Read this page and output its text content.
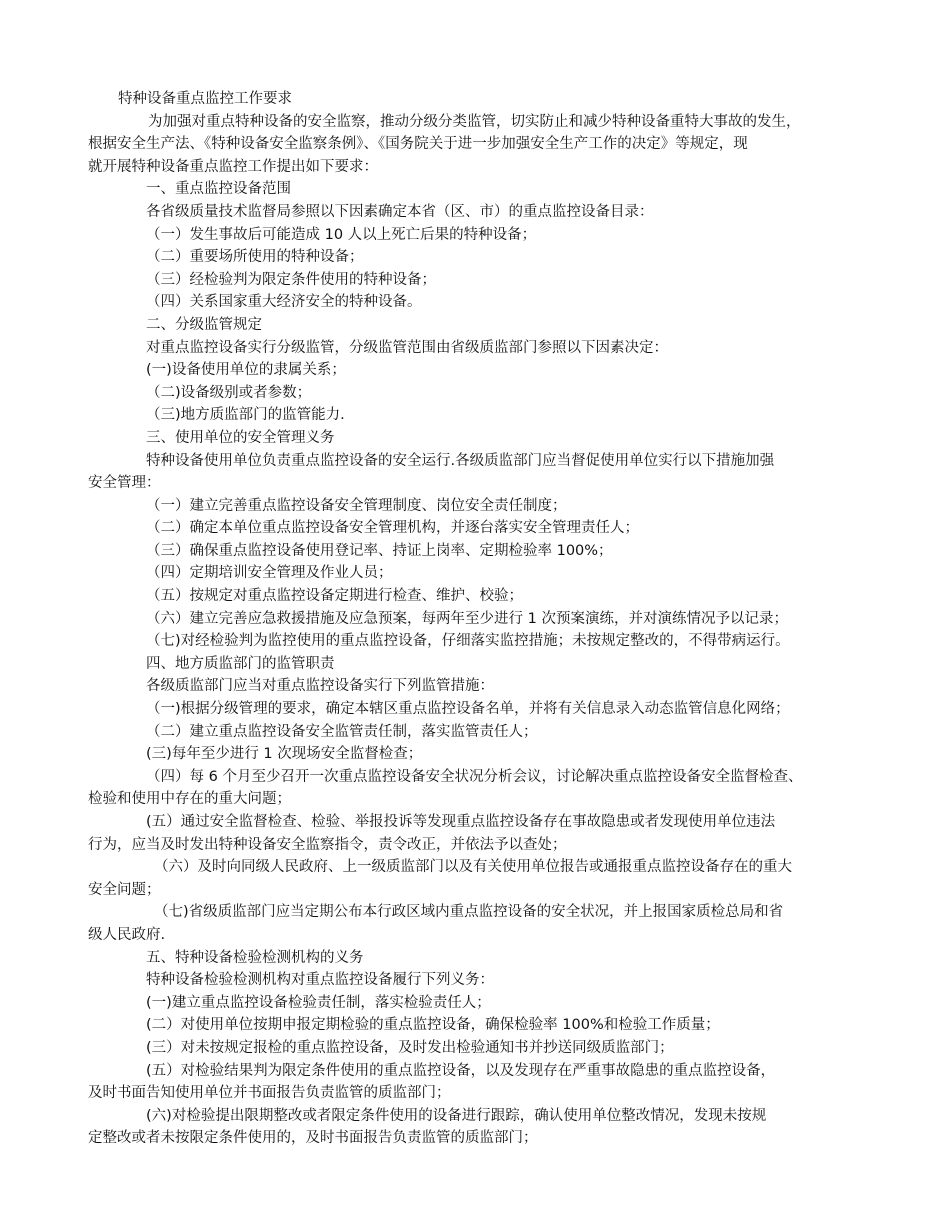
特种设备重点监控工作要求
为加强对重点特种设备的安全监察，推动分级分类监管，切实防止和减少特种设备重特大事故的发生，
根据安全生产法、《特种设备安全监察条例》、《国务院关于进一步加强安全生产工作的决定》等规定，现
就开展特种设备重点监控工作提出如下要求：
一、重点监控设备范围
各省级质量技术监督局参照以下因素确定本省（区、市）的重点监控设备目录：
（一）发生事故后可能造成 10 人以上死亡后果的特种设备；
（二）重要场所使用的特种设备；
（三）经检验判为限定条件使用的特种设备；
（四）关系国家重大经济安全的特种设备。
二、分级监管规定
对重点监控设备实行分级监管，分级监管范围由省级质监部门参照以下因素决定：
(一)设备使用单位的隶属关系；
（二)设备级别或者参数；
（三)地方质监部门的监管能力.
三、使用单位的安全管理义务
特种设备使用单位负责重点监控设备的安全运行.各级质监部门应当督促使用单位实行以下措施加强
安全管理：
（一）建立完善重点监控设备安全管理制度、岗位安全责任制度；
（二）确定本单位重点监控设备安全管理机构，并逐台落实安全管理责任人；
（三）确保重点监控设备使用登记率、持证上岗率、定期检验率 100%；
（四）定期培训安全管理及作业人员；
（五）按规定对重点监控设备定期进行检查、维护、校验；
（六）建立完善应急救援措施及应急预案，每两年至少进行 1 次预案演练，并对演练情况予以记录；
（七)对经检验判为监控使用的重点监控设备，仔细落实监控措施；未按规定整改的，不得带病运行。
四、地方质监部门的监管职责
各级质监部门应当对重点监控设备实行下列监管措施：
（一)根据分级管理的要求，确定本辖区重点监控设备名单，并将有关信息录入动态监管信息化网络；
（二）建立重点监控设备安全监管责任制，落实监管责任人；
(三)每年至少进行 1 次现场安全监督检查；
（四）每 6 个月至少召开一次重点监控设备安全状况分析会议，讨论解决重点监控设备安全监督检查、
检验和使用中存在的重大问题；
(五）通过安全监督检查、检验、举报投诉等发现重点监控设备存在事故隐患或者发现使用单位违法
行为，应当及时发出特种设备安全监察指令，责令改正，并依法予以查处；
（六）及时向同级人民政府、上一级质监部门以及有关使用单位报告或通报重点监控设备存在的重大
安全问题；
（七)省级质监部门应当定期公布本行政区域内重点监控设备的安全状况，并上报国家质检总局和省
级人民政府.
五、特种设备检验检测机构的义务
特种设备检验检测机构对重点监控设备履行下列义务：
(一)建立重点监控设备检验责任制，落实检验责任人；
(二）对使用单位按期申报定期检验的重点监控设备，确保检验率 100%和检验工作质量；
(三）对未按规定报检的重点监控设备，及时发出检验通知书并抄送同级质监部门；
(五）对检验结果判为限定条件使用的重点监控设备，以及发现存在严重事故隐患的重点监控设备，
及时书面告知使用单位并书面报告负责监管的质监部门；
(六)对检验提出限期整改或者限定条件使用的设备进行跟踪，确认使用单位整改情况，发现未按规
定整改或者未按限定条件使用的，及时书面报告负责监管的质监部门；
